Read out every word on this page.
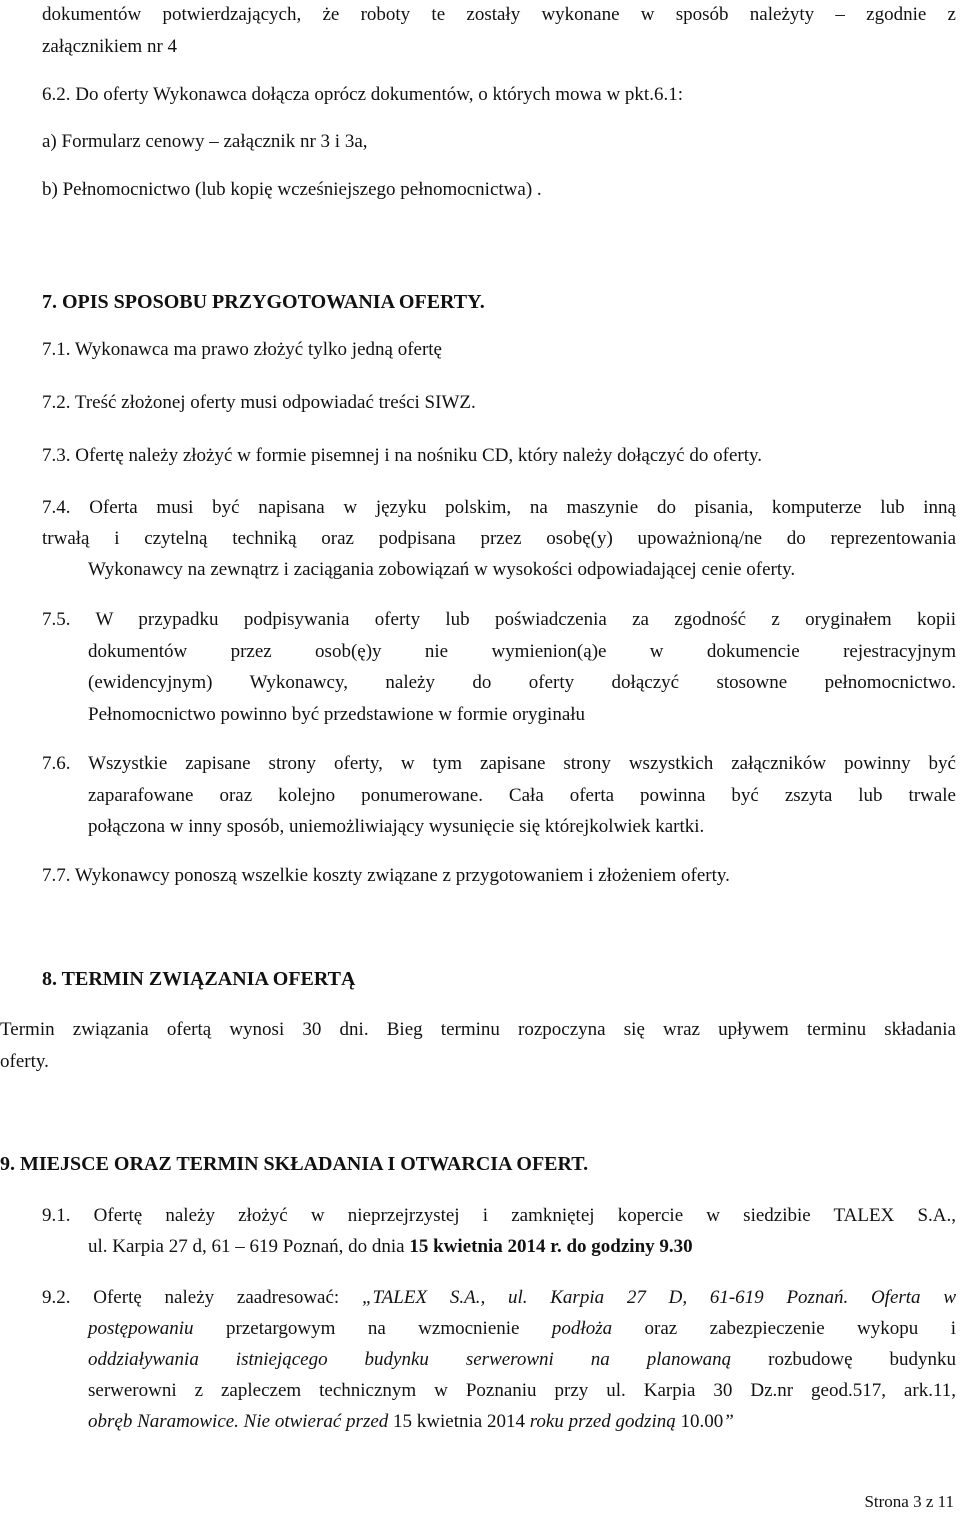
dokumentów potwierdzających, że roboty te zostały wykonane w sposób należyty – zgodnie z
załącznikiem nr 4
6.2. Do oferty Wykonawca dołącza oprócz dokumentów, o których mowa w pkt.6.1:
a) Formularz cenowy – załącznik nr 3 i 3a,
b) Pełnomocnictwo (lub kopię wcześniejszego pełnomocnictwa) .
7. OPIS SPOSOBU PRZYGOTOWANIA OFERTY.
7.1. Wykonawca ma prawo złożyć tylko jedną ofertę
7.2. Treść złożonej oferty musi odpowiadać treści SIWZ.
7.3. Ofertę należy złożyć w formie pisemnej i na nośniku CD, który należy dołączyć do oferty.
7.4. Oferta musi być napisana w języku polskim, na maszynie do pisania, komputerze lub inną
trwałą i czytelną techniką oraz podpisana przez osobę(y) upoważnioną/ne do reprezentowania
Wykonawcy na zewnątrz i zaciągania zobowiązań w wysokości odpowiadającej cenie oferty.
7.5. W przypadku podpisywania oferty lub poświadczenia za zgodność z oryginałem kopii
dokumentów przez osob(ę)y nie wymienion(ą)e w dokumencie rejestracyjnym
(ewidencyjnym) Wykonawcy, należy do oferty dołączyć stosowne pełnomocnictwo.
Pełnomocnictwo powinno być przedstawione w formie oryginału
7.6. Wszystkie zapisane strony oferty, w tym zapisane strony wszystkich załączników powinny być
zaparafowane oraz kolejno ponumerowane. Cała oferta powinna być zszyta lub trwale
połączona w inny sposób, uniemożliwiający wysunięcie się którejkolwiek kartki.
7.7. Wykonawcy ponoszą wszelkie koszty związane z przygotowaniem i złożeniem oferty.
8. TERMIN ZWIĄZANIA OFERTĄ
Termin związania ofertą wynosi 30 dni. Bieg terminu rozpoczyna się wraz upływem terminu składania
oferty.
9. MIEJSCE ORAZ TERMIN SKŁADANIA I OTWARCIA OFERT.
9.1. Ofertę należy złożyć w nieprzejrzystej i zamkniętej kopercie w siedzibie TALEX S.A.,
ul. Karpia 27 d, 61 – 619 Poznań, do dnia 15 kwietnia 2014 r. do godziny 9.30
9.2. Ofertę należy zaadresować: „TALEX S.A., ul. Karpia 27 D, 61-619 Poznań. Oferta w
postępowaniu przetargowym na wzmocnienie podłoża oraz zabezpieczenie wykopu i
oddziaływania istniejącego budynku serwerowni na planowaną rozbudowę budynku
serwerowni z zapleczem technicznym w Poznaniu przy ul. Karpia 30 Dz.nr geod.517, ark.11,
obręb Naramowice. Nie otwierać przed 15 kwietnia 2014 roku przed godziną 10.00”
Strona 3 z 11
